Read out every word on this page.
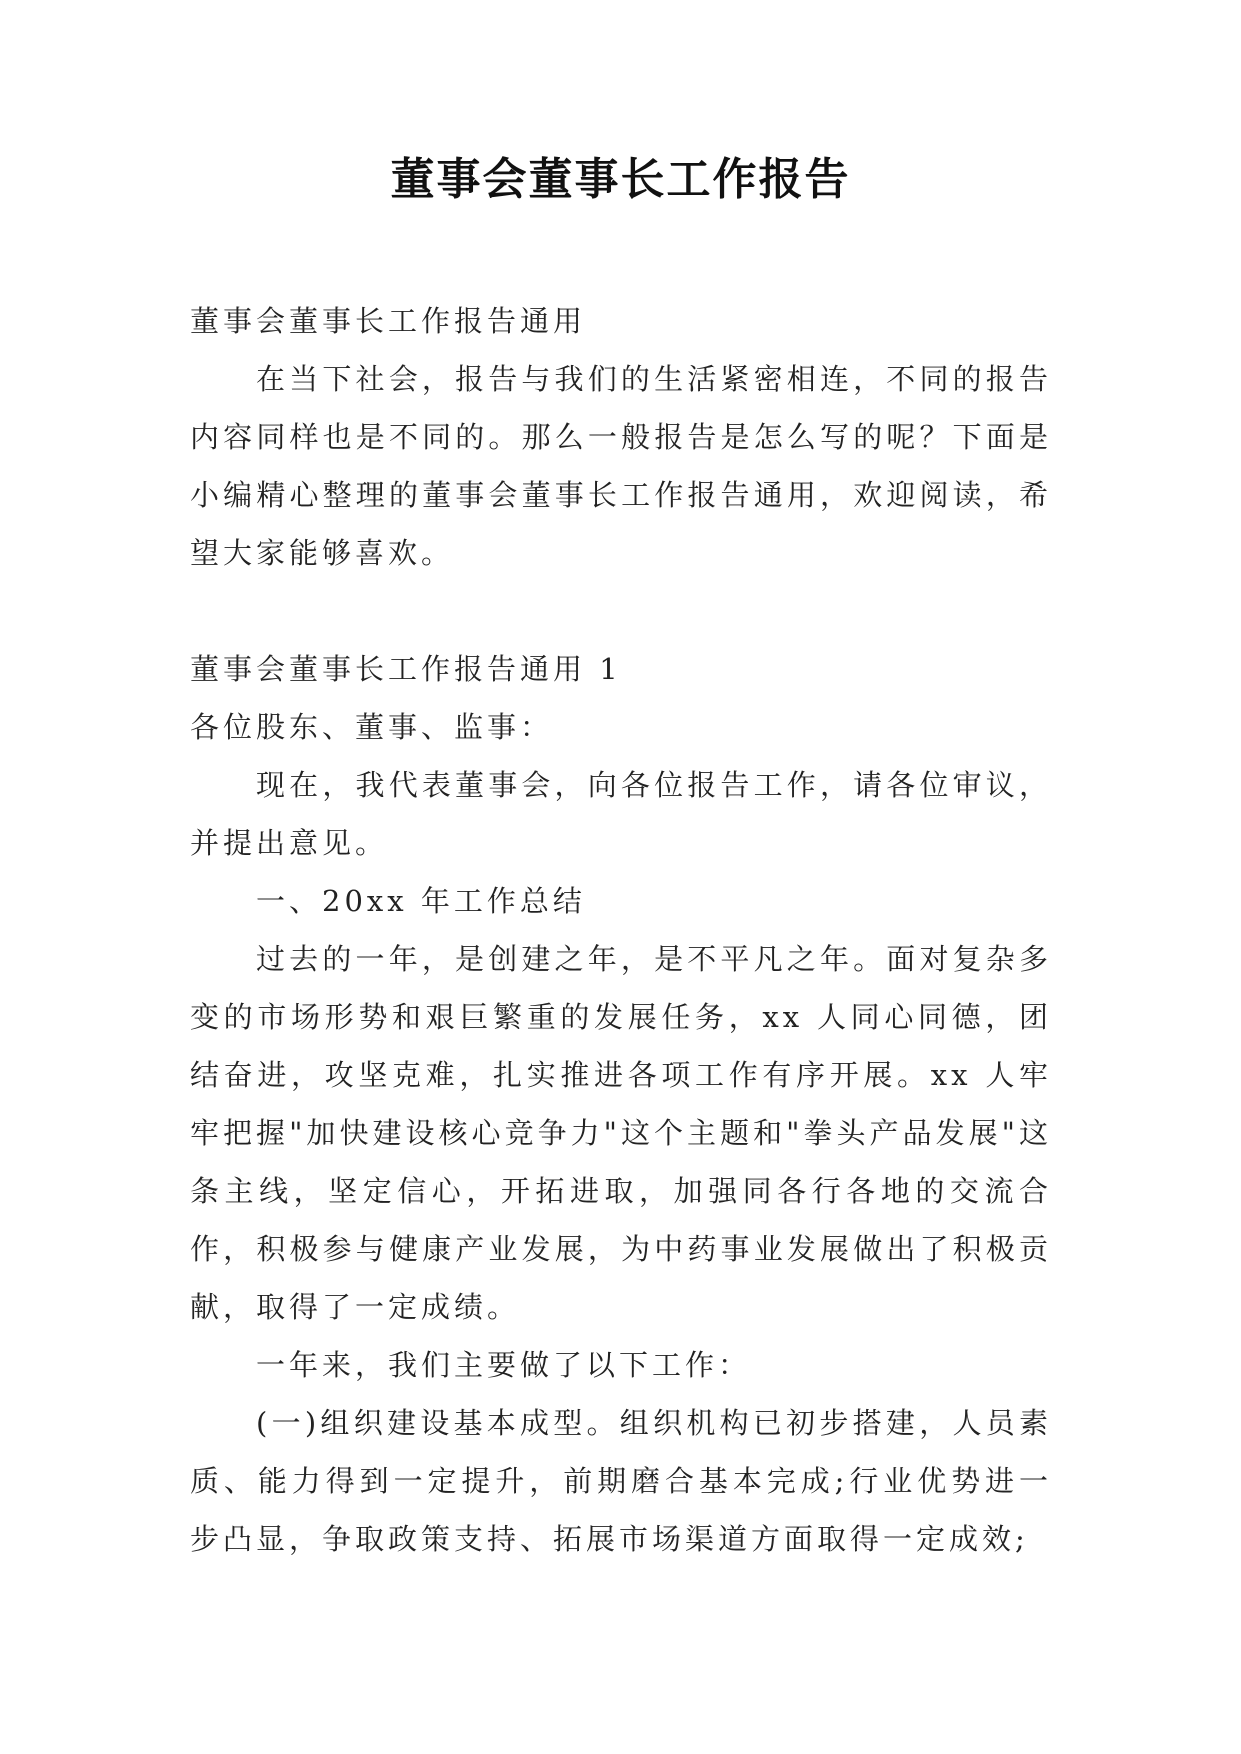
董事会董事长工作报告

董事会董事长工作报告通用

在当下社会，报告与我们的生活紧密相连，不同的报告内容同样也是不同的。那么一般报告是怎么写的呢？下面是小编精心整理的董事会董事长工作报告通用，欢迎阅读，希望大家能够喜欢。

董事会董事长工作报告通用 1

各位股东、董事、监事：

现在，我代表董事会，向各位报告工作，请各位审议，并提出意见。

一、20xx 年工作总结

过去的一年，是创建之年，是不平凡之年。面对复杂多变的市场形势和艰巨繁重的发展任务，xx 人同心同德，团结奋进，攻坚克难，扎实推进各项工作有序开展。xx 人牢牢把握"加快建设核心竞争力"这个主题和"拳头产品发展"这条主线，坚定信心，开拓进取，加强同各行各地的交流合作，积极参与健康产业发展，为中药事业发展做出了积极贡献，取得了一定成绩。

一年来，我们主要做了以下工作：

(一)组织建设基本成型。组织机构已初步搭建，人员素质、能力得到一定提升，前期磨合基本完成;行业优势进一步凸显，争取政策支持、拓展市场渠道方面取得一定成效;
